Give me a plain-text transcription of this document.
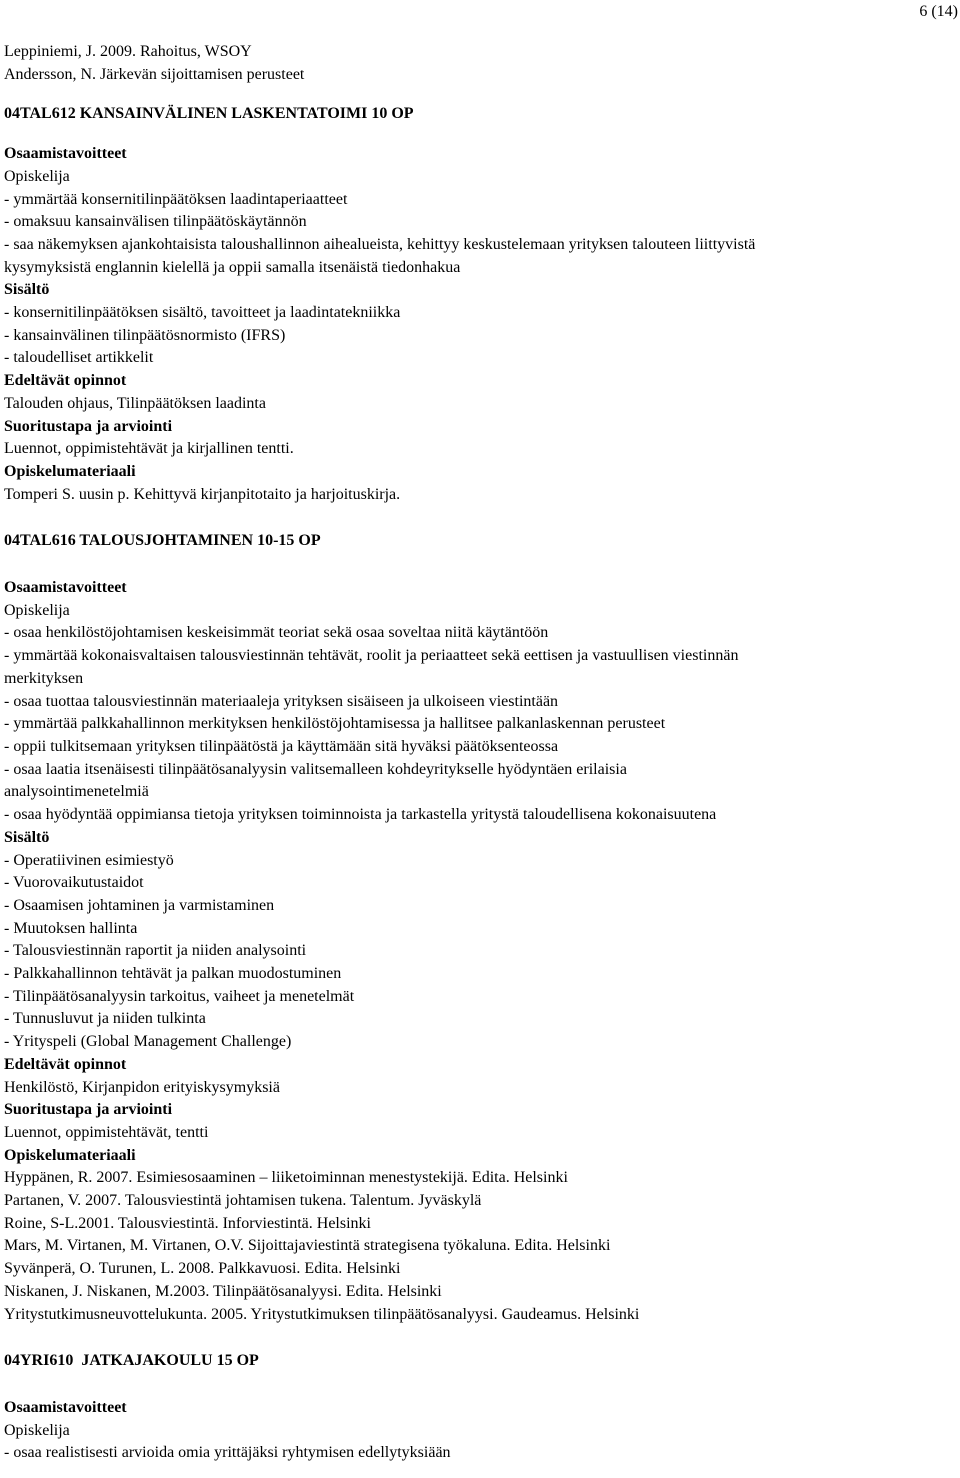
6 (14)

Leppiniemi, J. 2009. Rahoitus, WSOY

Andersson, N. Järkevän sijoittamisen perusteet

04TAL612 KANSAINVÄLINEN LASKENTATOIMI 10 OP

Osaamistavoitteet

Opiskelija

- ymmärtää konsernitilinpäätöksen laadintaperiaatteet

- omaksuu kansainvälisen tilinpäätöskäytännön

- saa näkemyksen ajankohtaisista taloushallinnon aihealueista, kehittyy keskustelemaan yrityksen talouteen liittyvistä

kysymyksistä englannin kielellä ja oppii samalla itsenäistä tiedonhakua

Sisältö

- konsernitilinpäätöksen sisältö, tavoitteet ja laadintatekniikka

- kansainvälinen tilinpäätösnormisto (IFRS)

- taloudelliset artikkelit

Edeltävät opinnot

Talouden ohjaus, Tilinpäätöksen laadinta

Suoritustapa ja arviointi

Luennot, oppimistehtävät ja kirjallinen tentti.

Opiskelumateriaali

Tomperi S. uusin p. Kehittyvä kirjanpitotaito ja harjoituskirja.

04TAL616 TALOUSJOHTAMINEN 10-15 OP

Osaamistavoitteet

Opiskelija

- osaa henkilöstöjohtamisen keskeisimmät teoriat sekä osaa soveltaa niitä käytäntöön

- ymmärtää kokonaisvaltaisen talousviestinnän tehtävät, roolit ja periaatteet sekä eettisen ja vastuullisen viestinnän

merkityksen

- osaa tuottaa talousviestinnän materiaaleja yrityksen sisäiseen ja ulkoiseen viestintään

- ymmärtää palkkahallinnon merkityksen henkilöstöjohtamisessa ja hallitsee palkanlaskennan perusteet

- oppii tulkitsemaan yrityksen tilinpäätöstä ja käyttämään sitä hyväksi päätöksenteossa

- osaa laatia itsenäisesti tilinpäätösanalyysin valitsemalleen kohdeyritykselle hyödyntäen erilaisia

analysointimenetelmiä

- osaa hyödyntää oppimiansa tietoja yrityksen toiminnoista ja tarkastella yritystä taloudellisena kokonaisuutena

Sisältö

- Operatiivinen esimiestyö

- Vuorovaikutustaidot

- Osaamisen johtaminen ja varmistaminen

- Muutoksen hallinta

- Talousviestinnän raportit ja niiden analysointi

- Palkkahallinnon tehtävät ja palkan muodostuminen

- Tilinpäätösanalyysin tarkoitus, vaiheet ja menetelmät

- Tunnusluvut ja niiden tulkinta

- Yrityspeli (Global Management Challenge)

Edeltävät opinnot

Henkilöstö, Kirjanpidon erityiskysymyksiä

Suoritustapa ja arviointi

Luennot, oppimistehtävät, tentti

Opiskelumateriaali

Hyppänen, R. 2007. Esimiesosaaminen – liiketoiminnan menestystekijä. Edita. Helsinki

Partanen, V. 2007. Talousviestintä johtamisen tukena. Talentum. Jyväskylä

Roine, S-L.2001. Talousviestintä. Inforviestintä. Helsinki

Mars, M. Virtanen, M. Virtanen, O.V. Sijoittajaviestintä strategisena työkaluna. Edita. Helsinki

Syvänperä, O. Turunen, L. 2008. Palkkavuosi. Edita. Helsinki

Niskanen, J. Niskanen, M.2003. Tilinpäätösanalyysi. Edita. Helsinki

Yritystutkimusneuvottelukunta. 2005. Yritystutkimuksen tilinpäätösanalyysi. Gaudeamus. Helsinki

04YRI610  JATKAJAKOULU 15 OP

Osaamistavoitteet

Opiskelija

- osaa realistisesti arvioida omia yrittäjäksi ryhtymisen edellytyksiään
